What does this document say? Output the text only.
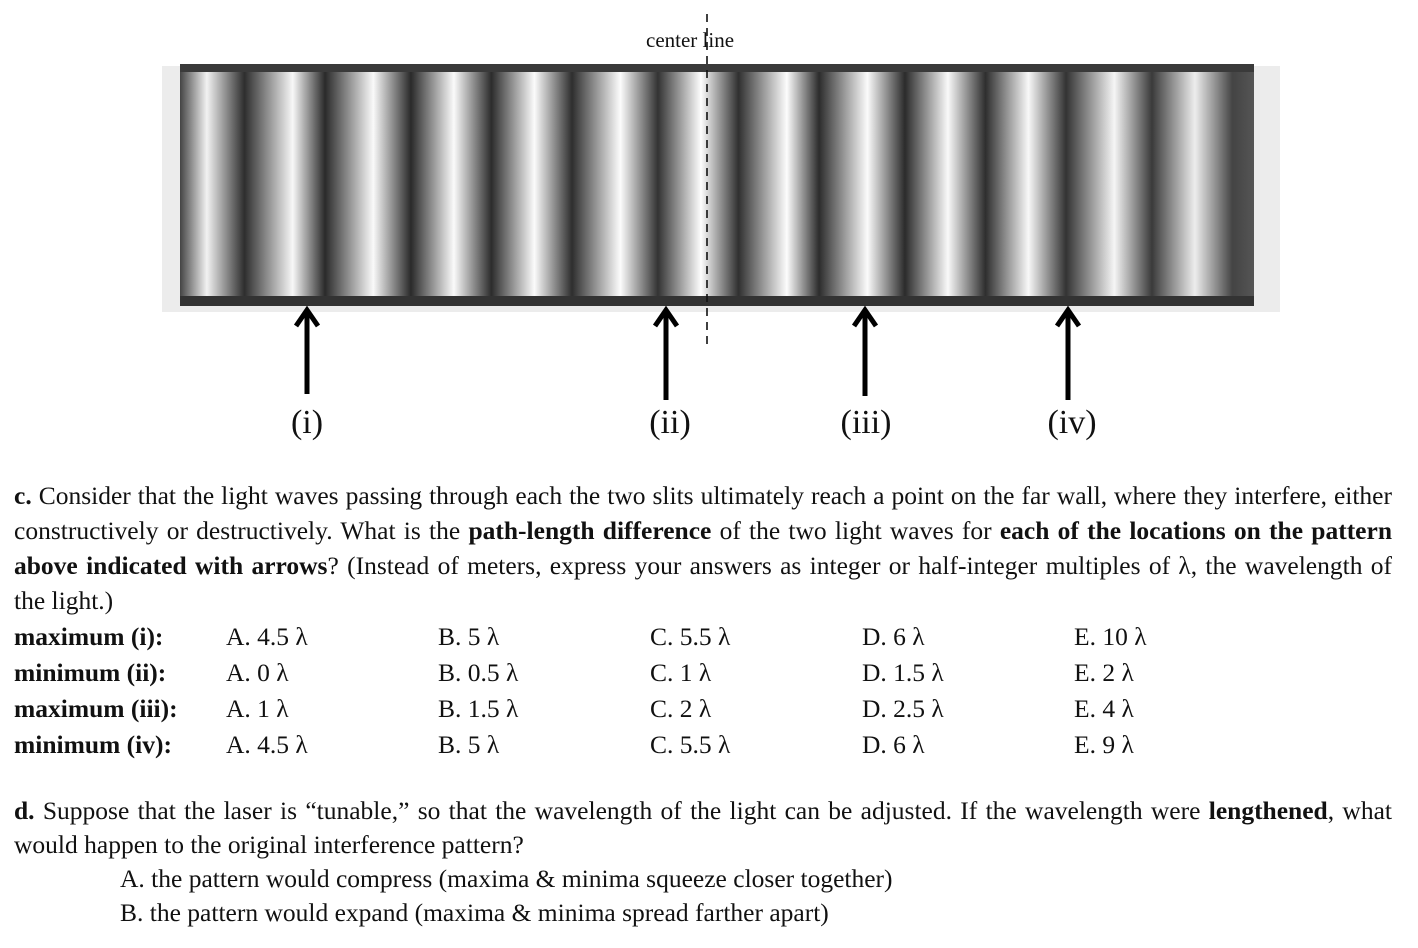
center line
(i)	(ii)	(iii)	(iv)
c. Consider that the light waves passing through each the two slits ultimately reach a point on the far wall, where they interfere, either constructively or destructively. What is the path-length difference of the two light waves for each of the locations on the pattern above indicated with arrows? (Instead of meters, express your answers as integer or half-integer multiples of λ, the wavelength of the light.)
maximum (i):	A. 4.5 λ	B. 5 λ	C. 5.5 λ	D. 6 λ	E. 10 λ
minimum (ii):	A. 0 λ	B. 0.5 λ	C. 1 λ	D. 1.5 λ	E. 2 λ
maximum (iii):	A. 1 λ	B. 1.5 λ	C. 2 λ	D. 2.5 λ	E. 4 λ
minimum (iv):	A. 4.5 λ	B. 5 λ	C. 5.5 λ	D. 6 λ	E. 9 λ
d. Suppose that the laser is “tunable,” so that the wavelength of the light can be adjusted. If the wavelength were lengthened, what would happen to the original interference pattern?
A. the pattern would compress (maxima & minima squeeze closer together)
B. the pattern would expand (maxima & minima spread farther apart)
